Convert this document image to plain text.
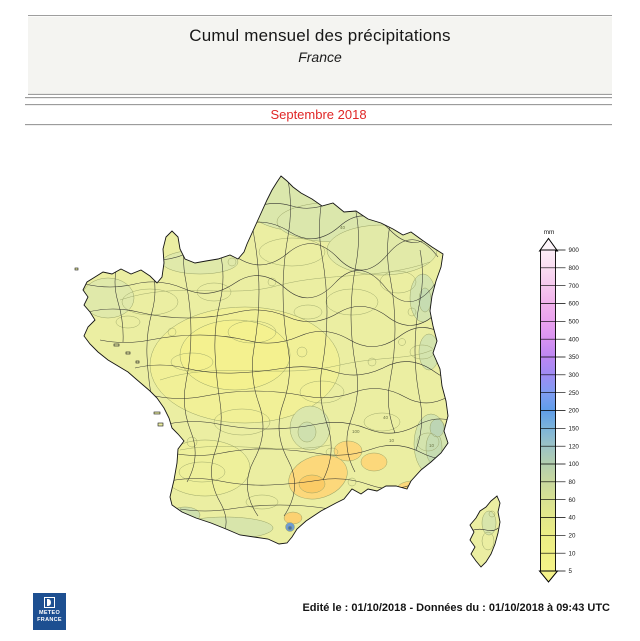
Cumul mensuel des précipitations
France
Septembre 2018
40
10
40
100
10
mm
900
800
700
600
500
400
350
300
250
200
150
120
100
80
60
40
20
10
5
METEO
FRANCE
Edité le : 01/10/2018 - Données du : 01/10/2018 à 09:43 UTC
